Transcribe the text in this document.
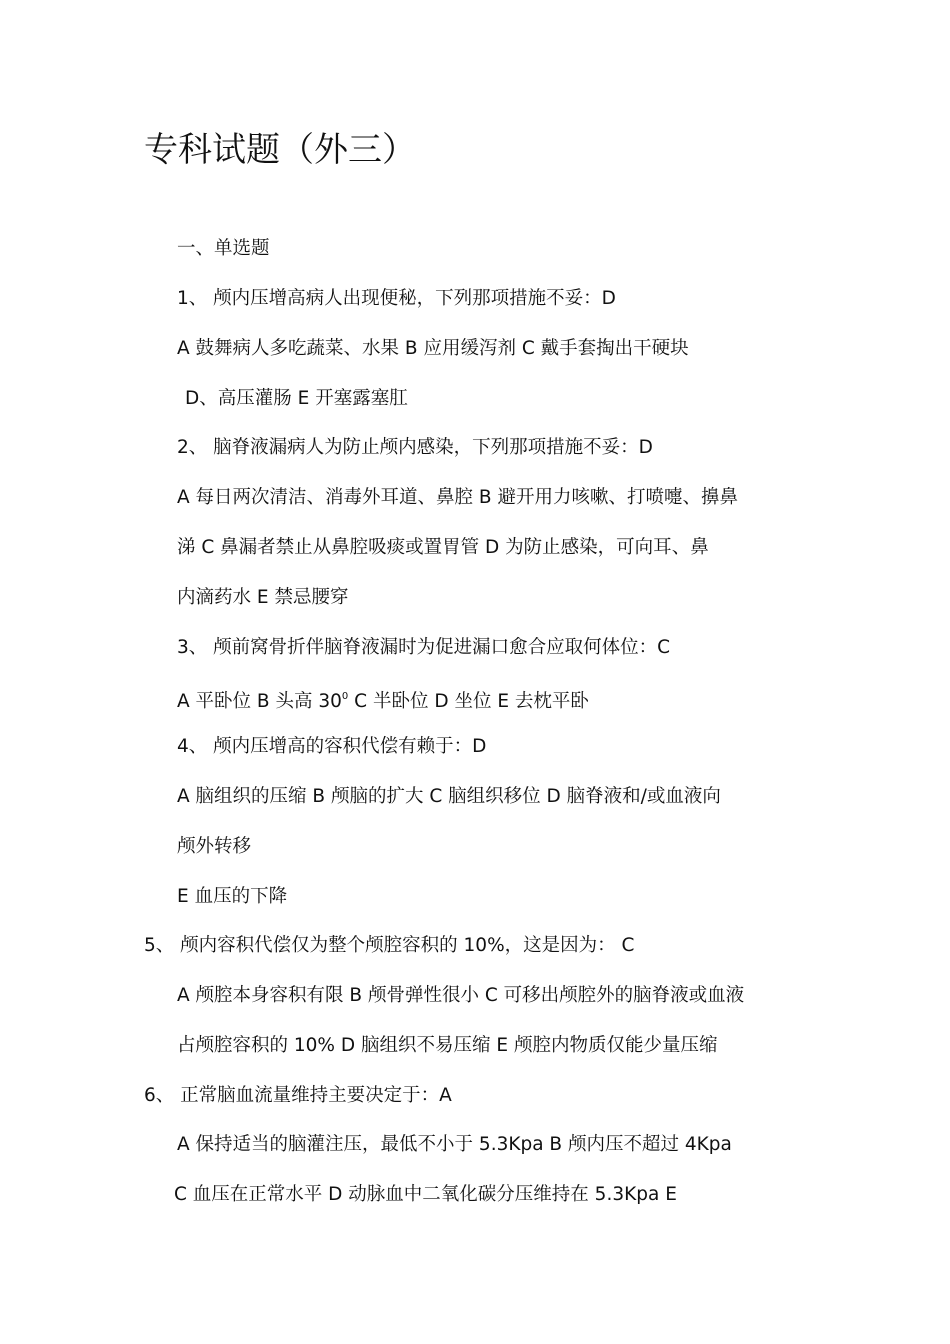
专科试题（外三）
一、单选题
1、 颅内压增高病人出现便秘，下列那项措施不妥：D
A 鼓舞病人多吃蔬菜、水果 B 应用缓泻剂 C 戴手套掏出干硬块
D、高压灌肠 E 开塞露塞肛
2、 脑脊液漏病人为防止颅内感染，下列那项措施不妥：D
A 每日两次清洁、消毒外耳道、鼻腔 B 避开用力咳嗽、打喷嚏、擤鼻
涕 C 鼻漏者禁止从鼻腔吸痰或置胃管 D 为防止感染，可向耳、鼻
内滴药水 E 禁忌腰穿
3、 颅前窝骨折伴脑脊液漏时为促进漏口愈合应取何体位：C
A 平卧位 B 头高 $30^0$ C 半卧位 D 坐位 E 去枕平卧
4、 颅内压增高的容积代偿有赖于：D
A 脑组织的压缩 B 颅脑的扩大 C 脑组织移位 D 脑脊液和/或血液向
颅外转移
E 血压的下降
5、 颅内容积代偿仅为整个颅腔容积的 10%，这是因为： C
A 颅腔本身容积有限 B 颅骨弹性很小 C 可移出颅腔外的脑脊液或血液
占颅腔容积的 10% D 脑组织不易压缩 E 颅腔内物质仅能少量压缩
6、 正常脑血流量维持主要决定于：A
A 保持适当的脑灌注压，最低不小于 5.3Kpa B 颅内压不超过 4Kpa
C 血压在正常水平 D 动脉血中二氧化碳分压维持在 5.3Kpa E
